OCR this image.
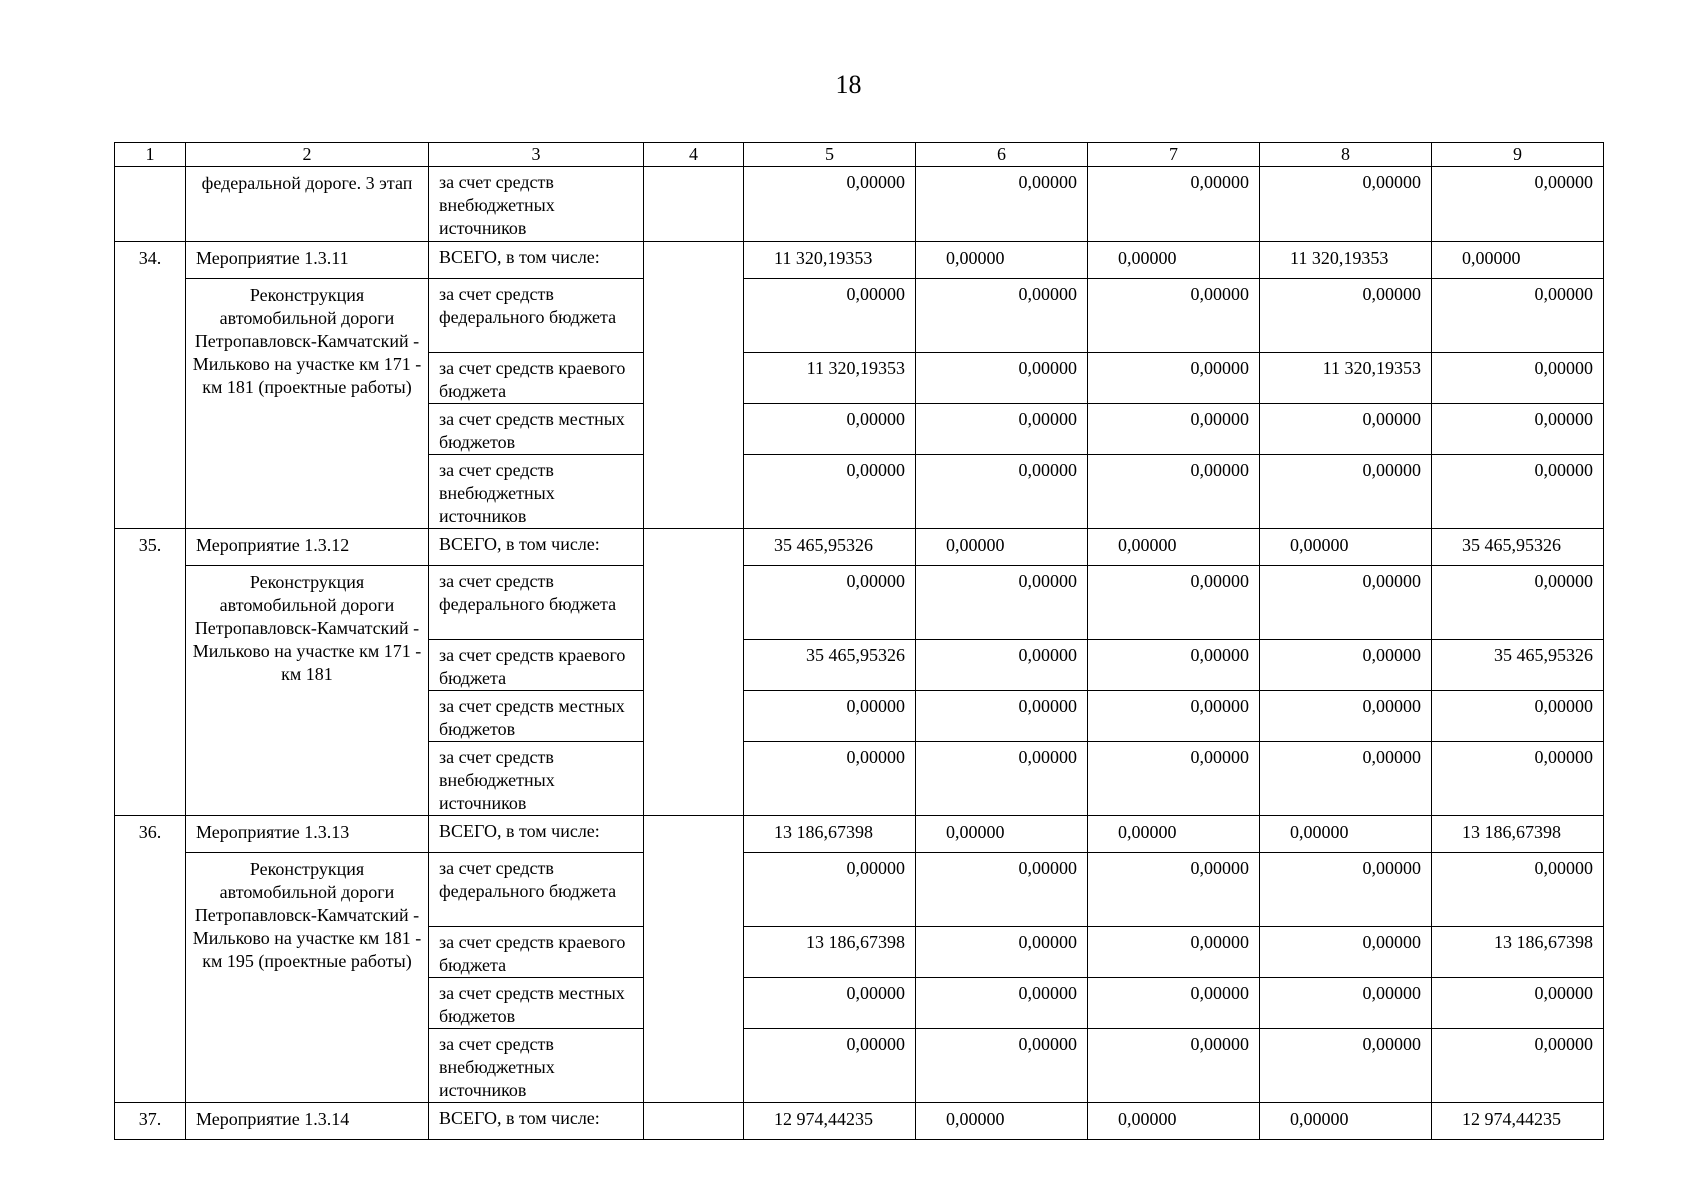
18
1	2	3	4	5	6	7	8	9
	федеральной дороге. 3 этап	за счет средств внебюджетных источников		0,00000	0,00000	0,00000	0,00000	0,00000
34.	Мероприятие 1.3.11	ВСЕГО, в том числе:		11 320,19353	0,00000	0,00000	11 320,19353	0,00000
	Реконструкция автомобильной дороги Петропавловск-Камчатский - Мильково на участке км 171 - км 181 (проектные работы)	за счет средств федерального бюджета		0,00000	0,00000	0,00000	0,00000	0,00000
		за счет средств краевого бюджета		11 320,19353	0,00000	0,00000	11 320,19353	0,00000
		за счет средств местных бюджетов		0,00000	0,00000	0,00000	0,00000	0,00000
		за счет средств внебюджетных источников		0,00000	0,00000	0,00000	0,00000	0,00000
35.	Мероприятие 1.3.12	ВСЕГО, в том числе:		35 465,95326	0,00000	0,00000	0,00000	35 465,95326
	Реконструкция автомобильной дороги Петропавловск-Камчатский - Мильково на участке км 171 - км 181	за счет средств федерального бюджета		0,00000	0,00000	0,00000	0,00000	0,00000
		за счет средств краевого бюджета		35 465,95326	0,00000	0,00000	0,00000	35 465,95326
		за счет средств местных бюджетов		0,00000	0,00000	0,00000	0,00000	0,00000
		за счет средств внебюджетных источников		0,00000	0,00000	0,00000	0,00000	0,00000
36.	Мероприятие 1.3.13	ВСЕГО, в том числе:		13 186,67398	0,00000	0,00000	0,00000	13 186,67398
	Реконструкция автомобильной дороги Петропавловск-Камчатский - Мильково на участке км 181 - км 195 (проектные работы)	за счет средств федерального бюджета		0,00000	0,00000	0,00000	0,00000	0,00000
		за счет средств краевого бюджета		13 186,67398	0,00000	0,00000	0,00000	13 186,67398
		за счет средств местных бюджетов		0,00000	0,00000	0,00000	0,00000	0,00000
		за счет средств внебюджетных источников		0,00000	0,00000	0,00000	0,00000	0,00000
37.	Мероприятие 1.3.14	ВСЕГО, в том числе:		12 974,44235	0,00000	0,00000	0,00000	12 974,44235
